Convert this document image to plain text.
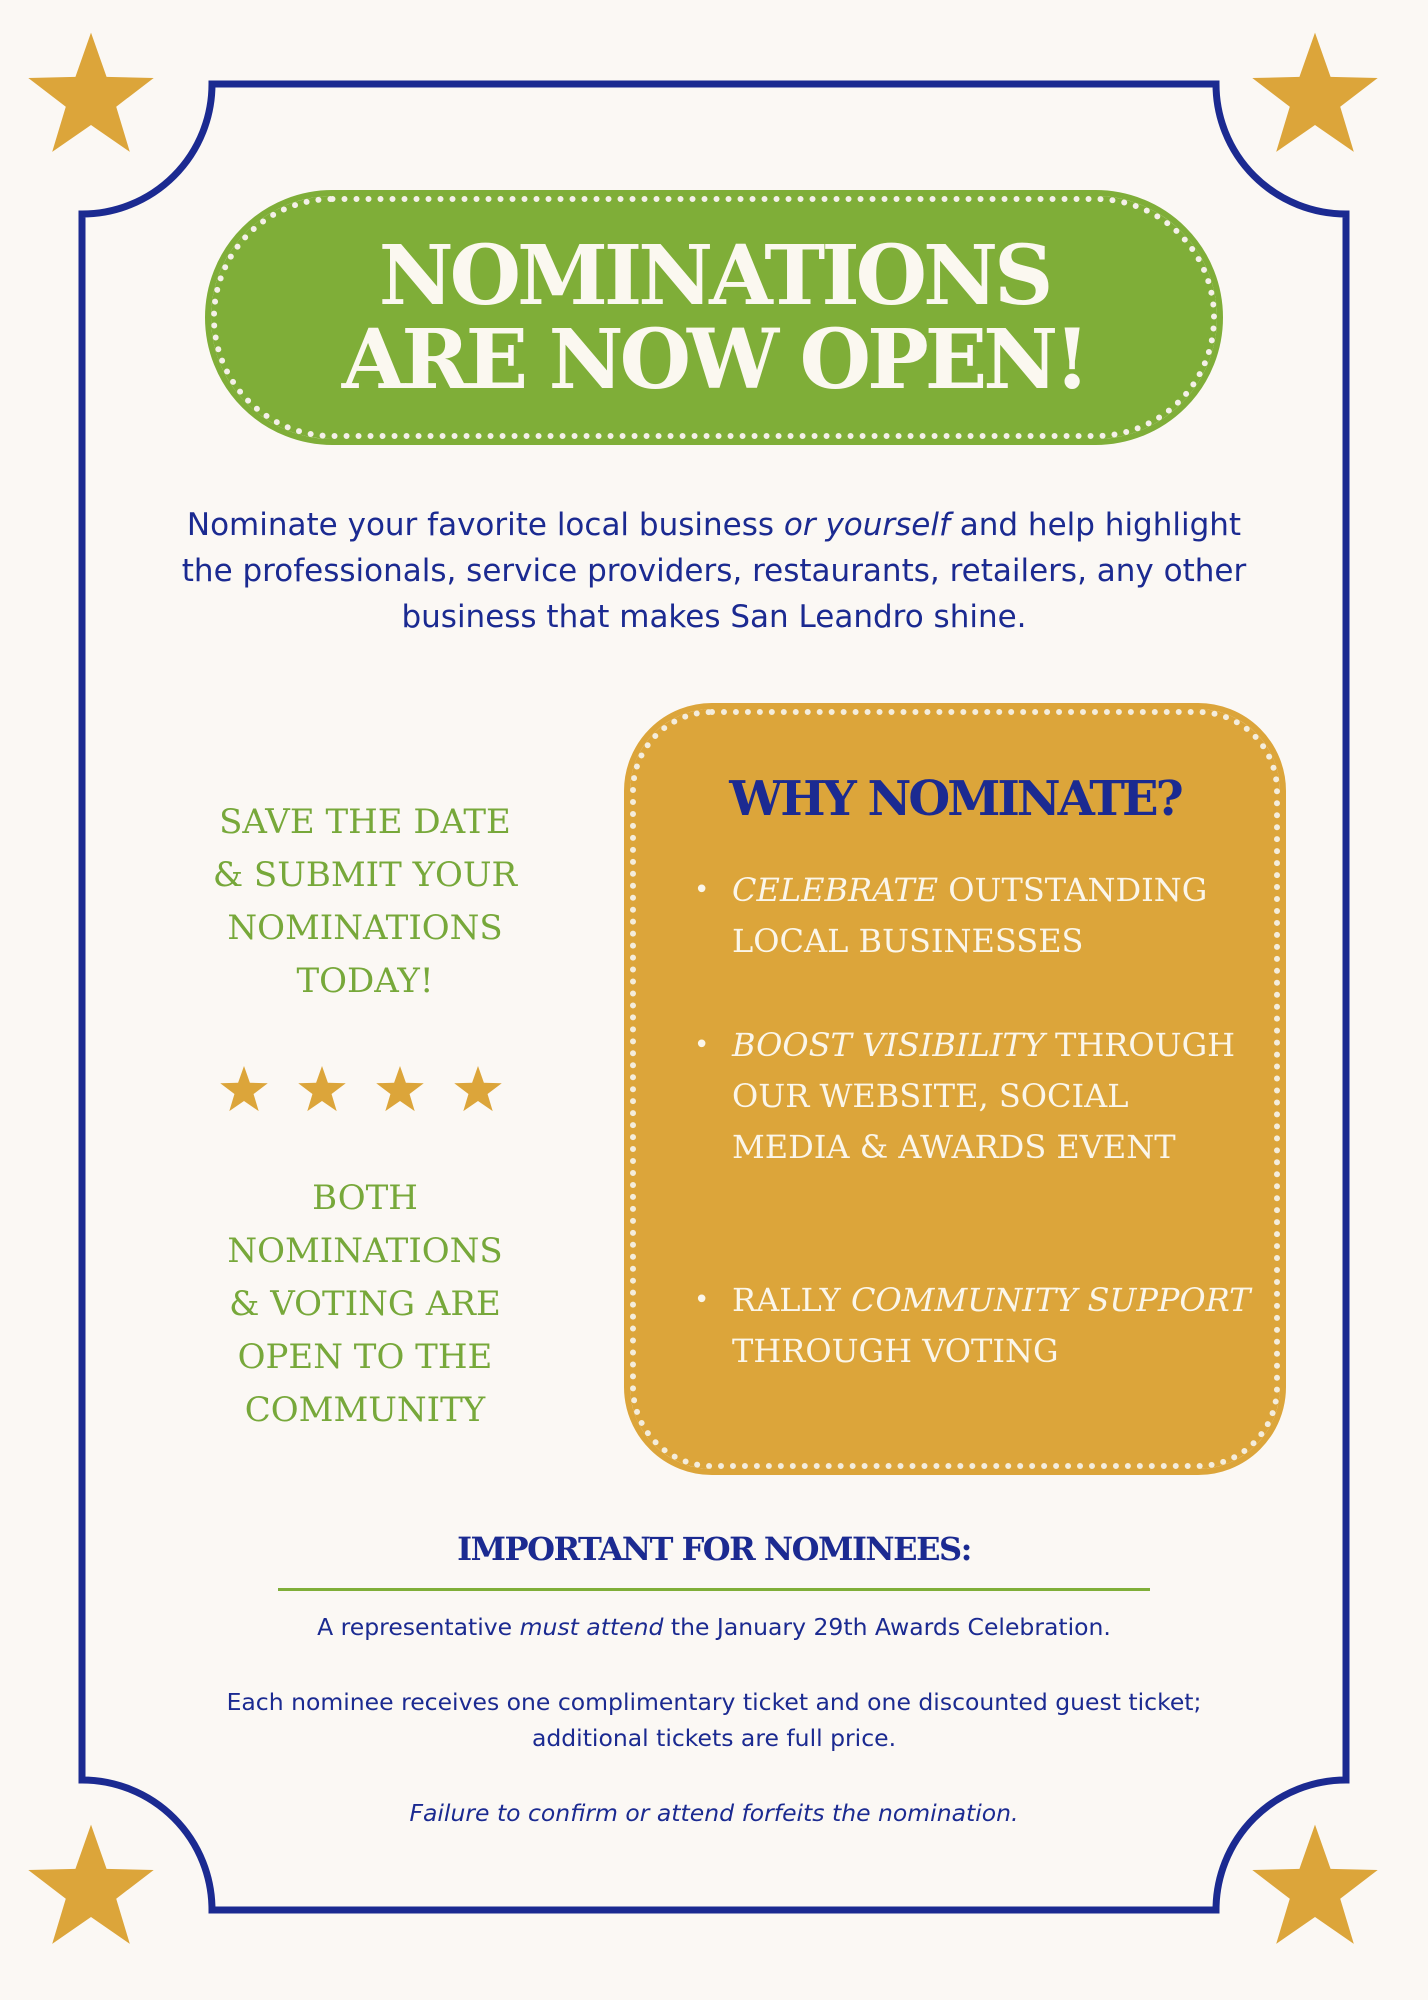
NOMINATIONS
ARE NOW OPEN!
Nominate your favorite local business or yourself and help highlight the professionals, service providers, restaurants, retailers, any other business that makes San Leandro shine.
SAVE THE DATE
& SUBMIT YOUR
NOMINATIONS
TODAY!
BOTH
NOMINATIONS
& VOTING ARE
OPEN TO THE
COMMUNITY
WHY NOMINATE?
• CELEBRATE OUTSTANDING LOCAL BUSINESSES
• BOOST VISIBILITY THROUGH OUR WEBSITE, SOCIAL MEDIA & AWARDS EVENT
• RALLY COMMUNITY SUPPORT THROUGH VOTING
IMPORTANT FOR NOMINEES:
A representative must attend the January 29th Awards Celebration.
Each nominee receives one complimentary ticket and one discounted guest ticket; additional tickets are full price.
Failure to confirm or attend forfeits the nomination.
